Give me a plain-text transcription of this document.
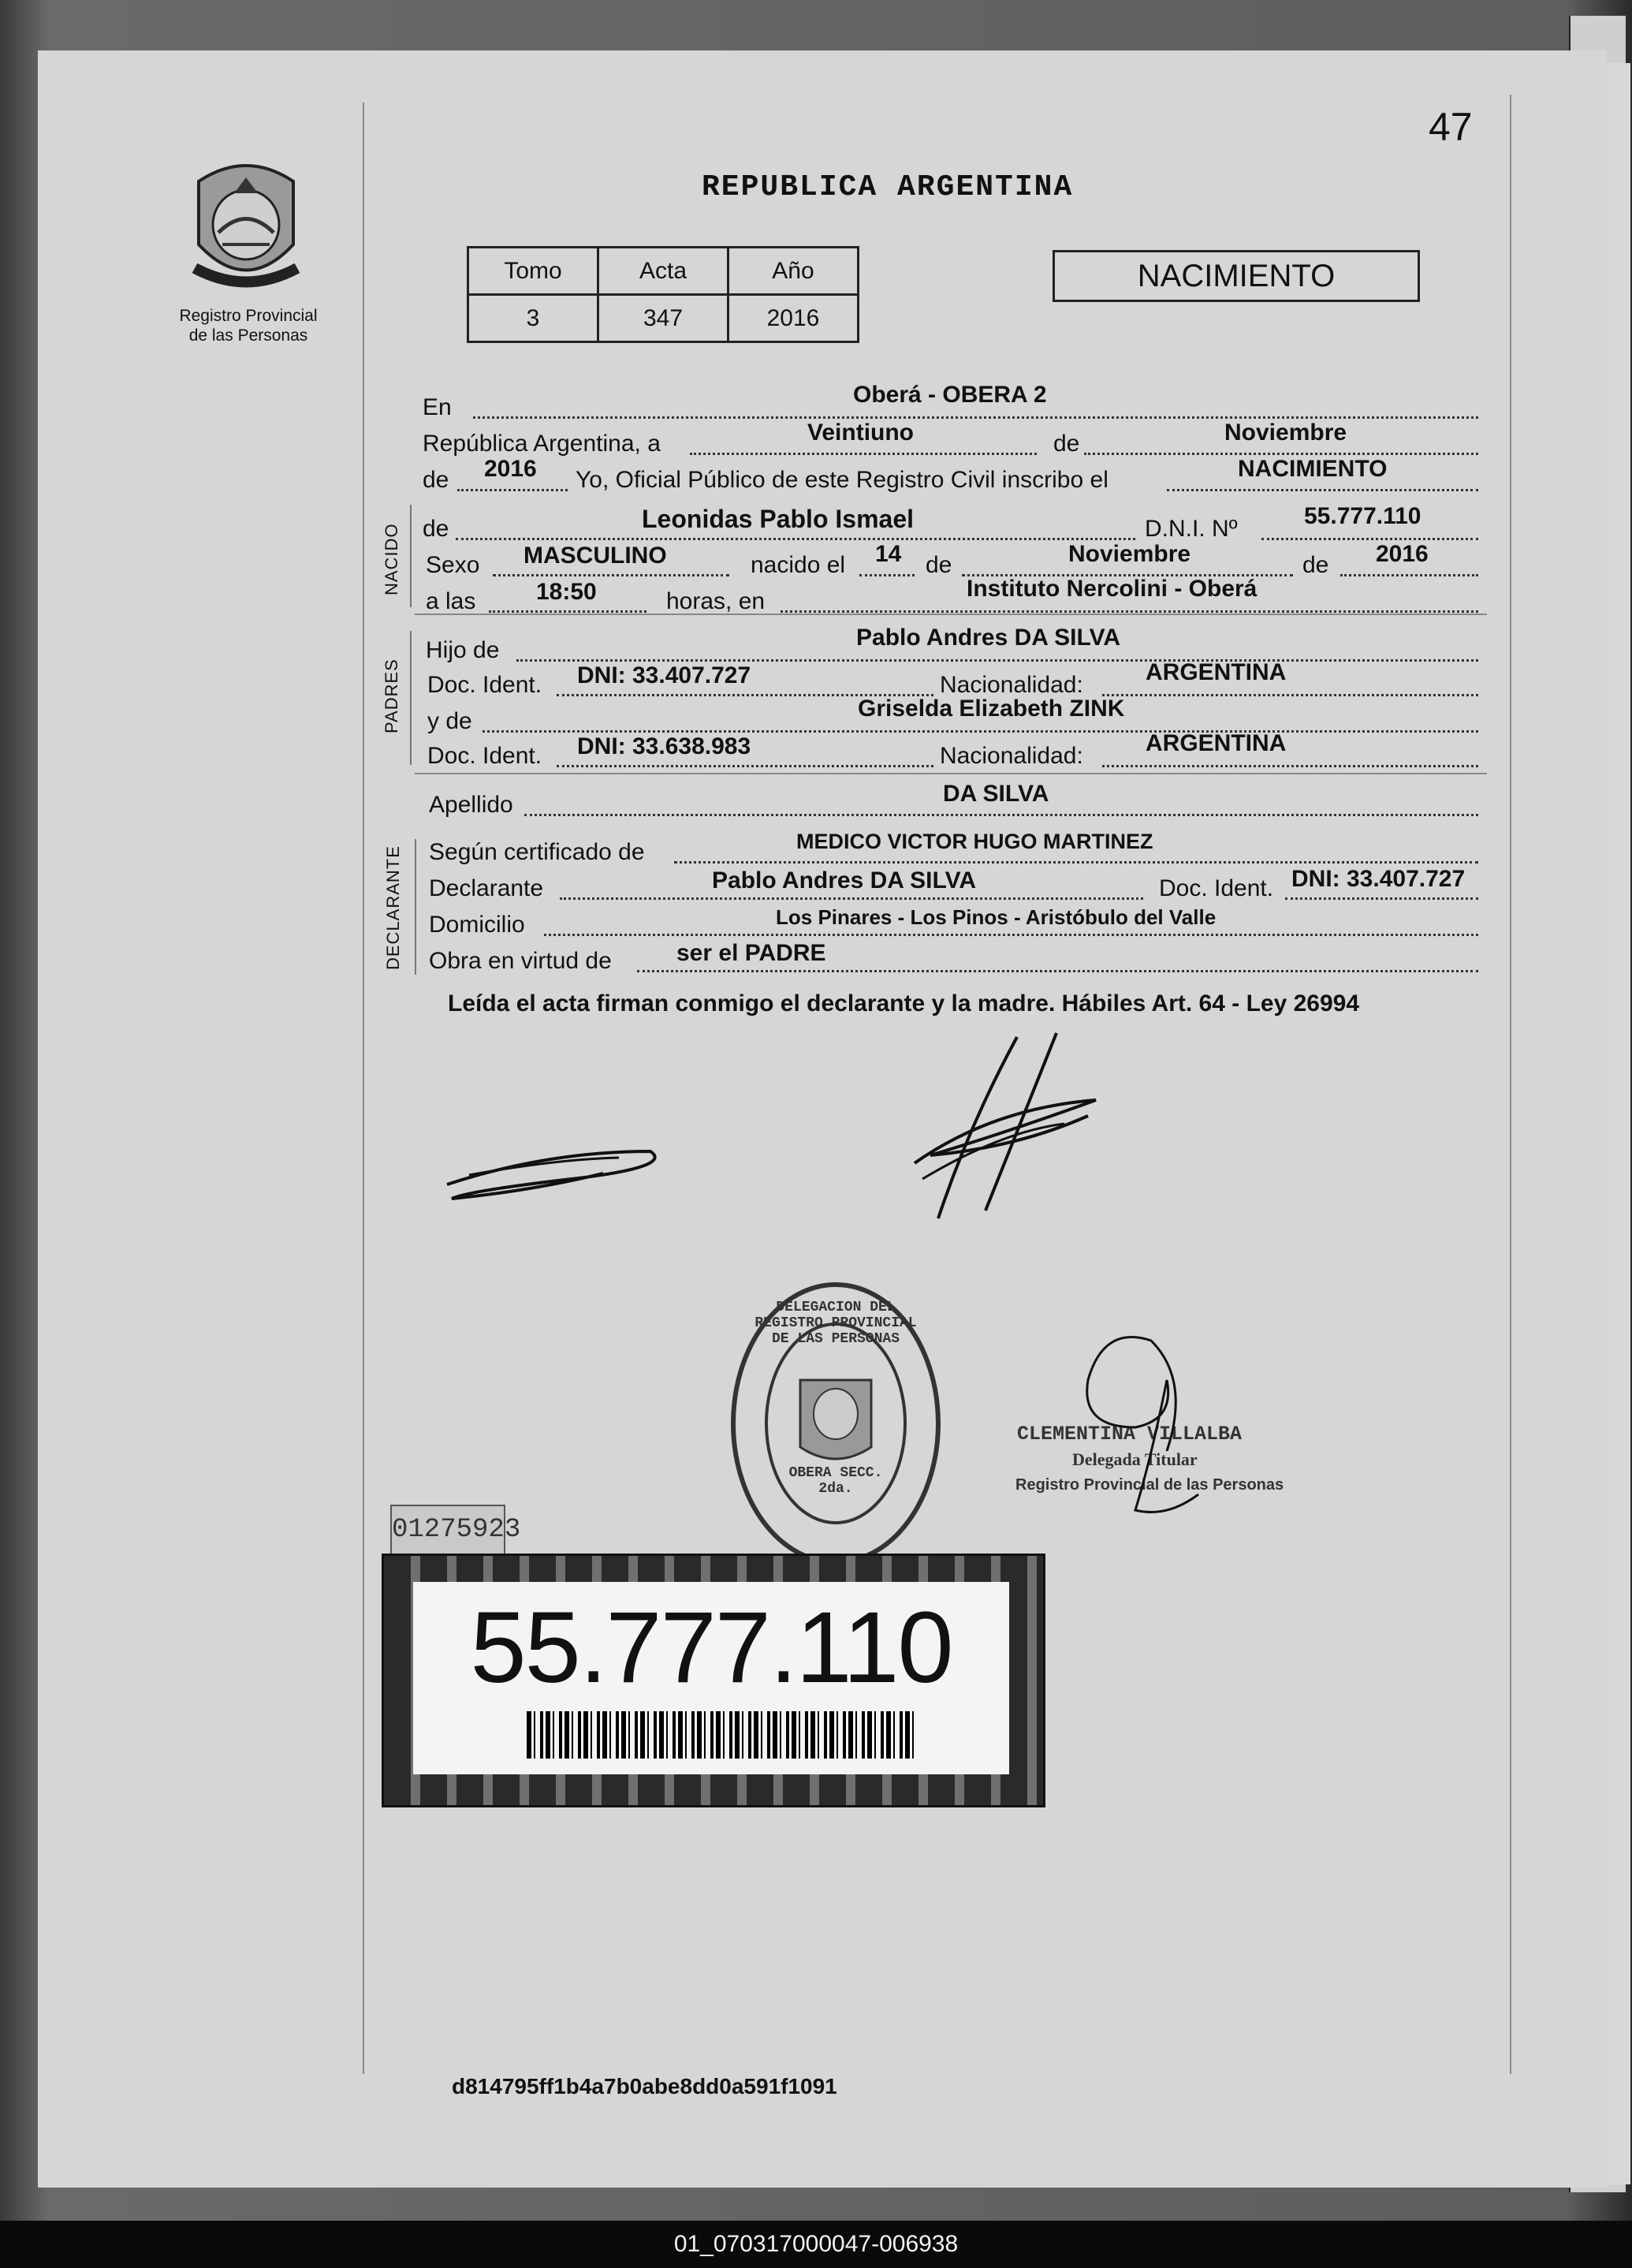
47
Registro Provincial
de las Personas
REPUBLICA ARGENTINA
Tomo	Acta	Año
3	347	2016
NACIMIENTO
En	Oberá - OBERA 2
República Argentina, a	Veintiuno	de	Noviembre
de 2016 Yo, Oficial Público de este Registro Civil inscribo el	NACIMIENTO
NACIDO de	Leonidas Pablo Ismael	D.N.I. Nº	55.777.110
Sexo MASCULINO	nacido el 14 de	Noviembre	de 2016
a las	18:50	horas, en	Instituto Nercolini - Oberá
PADRES
Hijo de	Pablo Andres DA SILVA
Doc. Ident. DNI: 33.407.727	Nacionalidad:	ARGENTINA
y de	Griselda Elizabeth ZINK
Doc. Ident. DNI: 33.638.983	Nacionalidad:	ARGENTINA
Apellido	DA SILVA
DECLARANTE Según certificado de	MEDICO VICTOR HUGO MARTINEZ
Declarante	Pablo Andres DA SILVA	Doc. Ident. DNI: 33.407.727
Domicilio	Los Pinares - Los Pinos - Aristóbulo del Valle
Obra en virtud de	ser el PADRE
Leída el acta firman conmigo el declarante y la madre. Hábiles Art. 64 - Ley 26994
DELEGACION DEL REGISTRO PROVINCIAL DE LAS PERSONAS
OBERA SECC. 2da.
CLEMENTINA VILLALBA
Delegada Titular
Registro Provincial de las Personas
01275923
55.777.110
d814795ff1b4a7b0abe8dd0a591f1091
01_070317000047-006938
